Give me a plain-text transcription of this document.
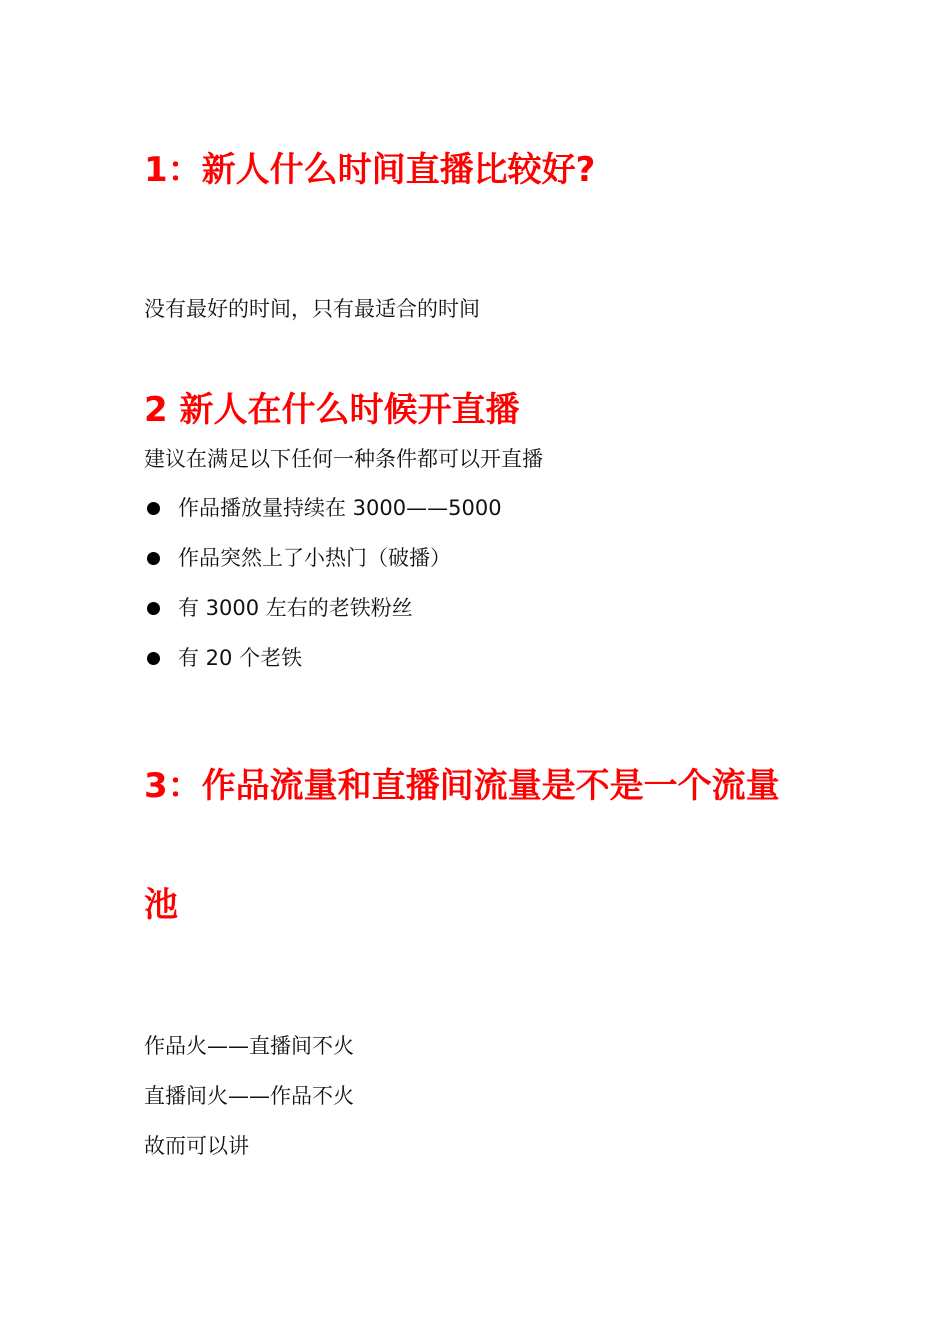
1：新人什么时间直播比较好?

没有最好的时间，只有最适合的时间

2 新人在什么时候开直播

建议在满足以下任何一种条件都可以开直播

作品播放量持续在 3000——5000
作品突然上了小热门（破播）
有 3000 左右的老铁粉丝
有 20 个老铁
3：作品流量和直播间流量是不是一个流量
池

作品火——直播间不火

直播间火——作品不火

故而可以讲
